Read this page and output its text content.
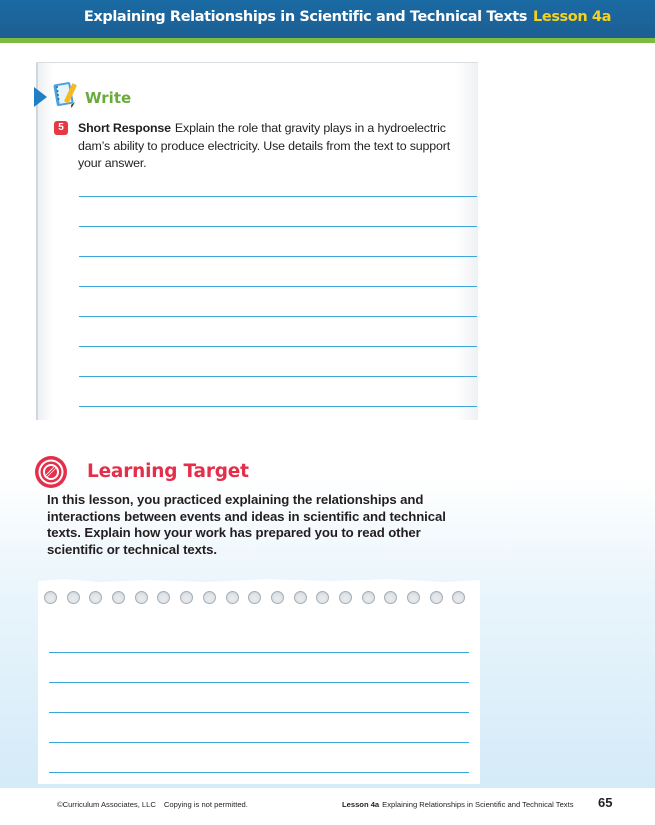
Explaining Relationships in Scientific and Technical Texts Lesson 4a
Write
5	Short Response Explain the role that gravity plays in a hydroelectric dam’s ability to produce electricity. Use details from the text to support your answer.
Learning Target
In this lesson, you practiced explaining the relationships and interactions between events and ideas in scientific and technical texts. Explain how your work has prepared you to read other scientific or technical texts.
©Curriculum Associates, LLC Copying is not permitted.	Lesson 4a Explaining Relationships in Scientific and Technical Texts 65
